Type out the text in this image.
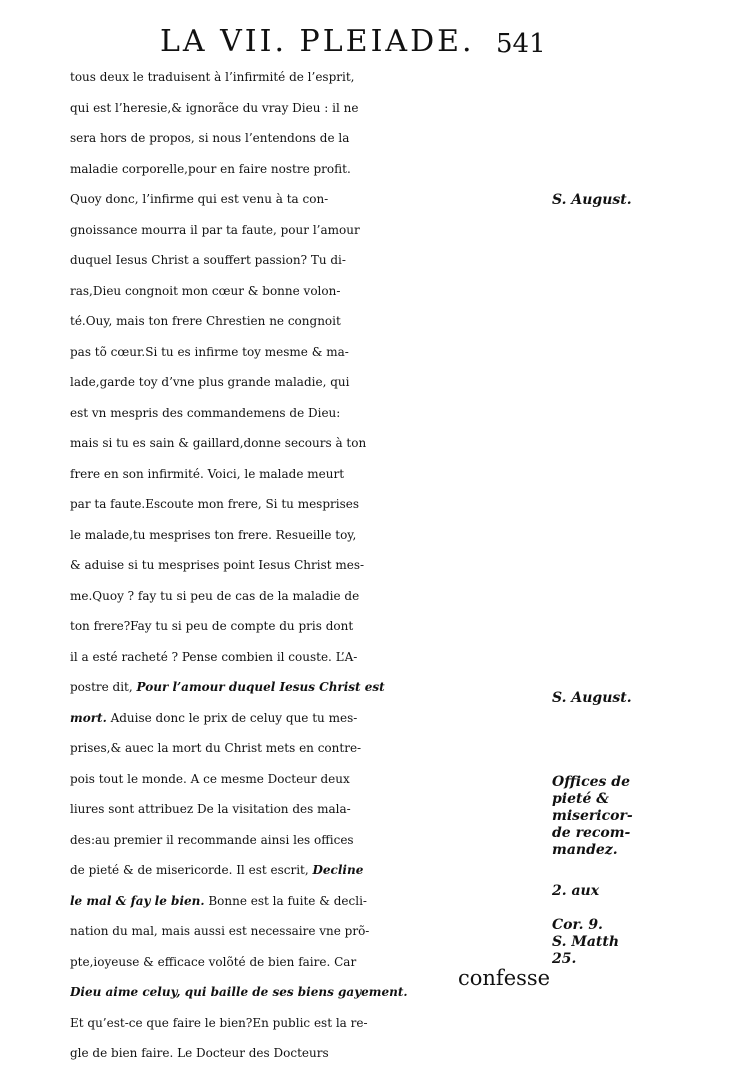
LA VII. PLEIADE. 541
tous deux le traduisent à l’infirmité de l’esprit,
qui est l’heresie,& ignorãce du vray Dieu : il ne
sera hors de propos, si nous l’entendons de la
maladie corporelle,pour en faire nostre profit.
Quoy donc, l’infirme qui est venu à ta con-
gnoissance mourra il par ta faute, pour l’amour
duquel Iesus Christ a souffert passion? Tu di-
ras,Dieu congnoit mon cœur & bonne volon-
té.Ouy, mais ton frere Chrestien ne congnoit
pas tõ cœur.Si tu es infirme toy mesme & ma-
lade,garde toy d’vne plus grande maladie, qui
est vn mespris des commandemens de Dieu:
mais si tu es sain & gaillard,donne secours à ton
frere en son infirmité. Voici, le malade meurt
par ta faute.Escoute mon frere, Si tu mesprises
le malade,tu mesprises ton frere. Resueille toy,
& aduise si tu mesprises point Iesus Christ mes-
me.Quoy ? fay tu si peu de cas de la maladie de
ton frere?Fay tu si peu de compte du pris dont
il a esté racheté ? Pense combien il couste. L’A-
postre dit, Pour l’amour duquel Iesus Christ est
mort. Aduise donc le prix de celuy que tu mes-
prises,& auec la mort du Christ mets en contre-
pois tout le monde. A ce mesme Docteur deux
liures sont attribuez De la visitation des mala-
des:au premier il recommande ainsi les offices
de pieté & de misericorde. Il est escrit, Decline
le mal & fay le bien. Bonne est la fuite & decli-
nation du mal, mais aussi est necessaire vne prõ-
pte,ioyeuse & efficace volõté de bien faire. Car
Dieu aime celuy, qui baille de ses biens gayement.
Et qu’est-ce que faire le bien?En public est la re-
gle de bien faire. Le Docteur des Docteurs
confesse
S. August.
S. August.
Offices de
pieté &
misericor-
de recom-
mandez.
2. aux
Cor. 9.
S. Matth
25.
